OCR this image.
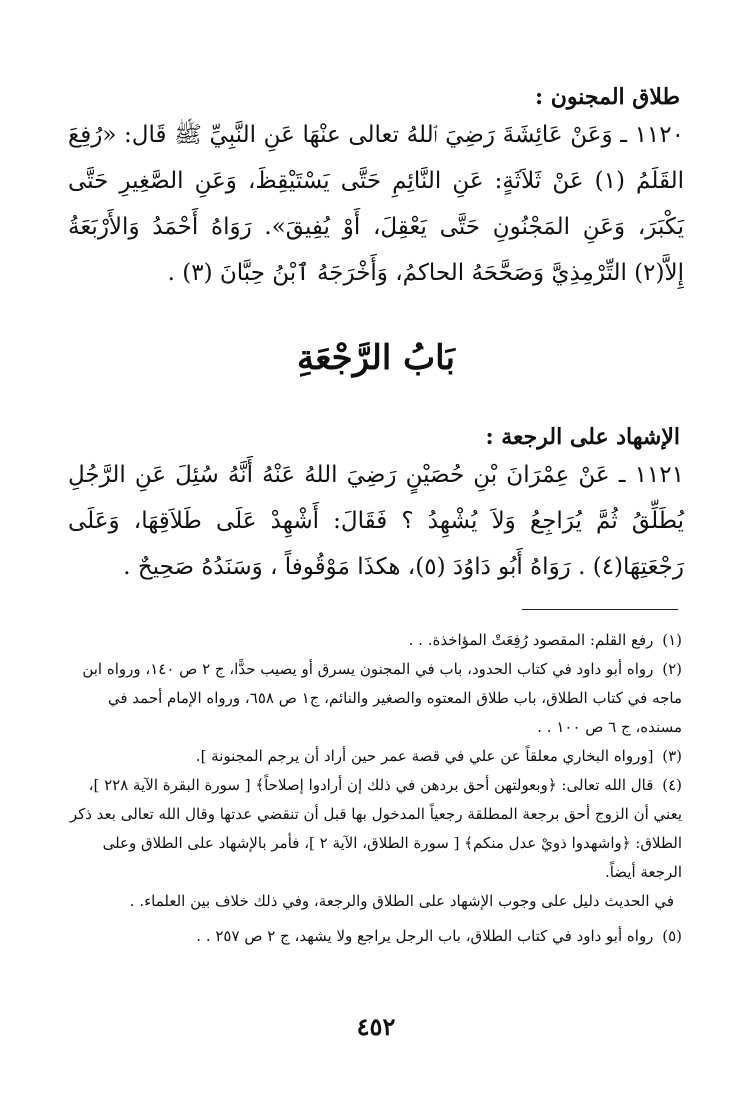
طلاق المجنون :

١١٢٠ ـ وَعَنْ عَائِشَةَ رَضِيَ ٱللهُ تعالى عنْهَا عَنِ النَّبِيِّ ﷺ قَال: «رُفِعَ القَلَمُ (١) عَنْ ثَلاَثَةٍ: عَنِ النَّائِمِ حَتَّى يَسْتَيْقِظَ، وَعَنِ الصَّغِيرِ حَتَّى يَكْبَرَ، وَعَنِ المَجْنُونِ حَتَّى يَعْقِلَ، أَوْ يُفِيقَ». رَوَاهُ أَحْمَدُ وَالأَرْبَعَةُ إِلاَّ(٢) التِّرْمِذِيَّ وَصَحَّحَهُ الحاكمُ، وَأَخْرَجَهُ ٱبْنُ حِبَّانَ (٣) .

بَابُ الرَّجْعَةِ
الإشهاد على الرجعة :

١١٢١ ـ عَنْ عِمْرَانَ بْنِ حُصَيْنٍ رَضِيَ اللهُ عَنْهُ أَنَّهُ سُئِلَ عَنِ الرَّجُلِ يُطَلِّقُ ثُمَّ يُرَاجِعُ وَلاَ يُشْهِدُ ؟ فَقَالَ: أَشْهِدْ عَلَى طَلاَقِهَا، وَعَلَى رَجْعَتِهَا(٤) . رَوَاهُ أَبُو دَاوُدَ (٥)، هكذَا مَوْقُوفاً ، وَسَنَدُهُ صَحِيحٌ .

(١) رفع القلم: المقصود رُفِعَتْ المؤاخذة. . .

(٢) رواه أبو داود في كتاب الحدود، باب في المجنون يسرق أو يصيب حدًّا، ج ٢ ص ١٤٠، ورواه ابن ماجه في كتاب الطلاق، باب طلاق المعتوه والصغير والنائم، ج١ ص ٦٥٨، ورواه الإمام أحمد في مسنده، ج ٦ ص ١٠٠ . .

(٣) [ورواه البخاري معلقاً عن علي في قصة عمر حين أراد أن يرجم المجنونة ].

(٤) قال الله تعالى: ﴿وبعولتهن أحق بردهن في ذلك إن أرادوا إصلاحاً﴾ [ سورة البقرة الآية ٢٢٨ ]، يعني أن الزوج أحق برجعة المطلقة رجعياً المدخول بها قبل أن تنقضي عدتها وقال الله تعالى بعد ذكر الطلاق: ﴿واشهدوا ذويْ عدل منكم﴾ [ سورة الطلاق، الآية ٢ ]، فأمر بالإشهاد على الطلاق وعلى الرجعة أيضاً.

في الحديث دليل على وجوب الإشهاد على الطلاق والرجعة، وفي ذلك خلاف بين العلماء. .

(٥) رواه أبو داود في كتاب الطلاق، باب الرجل يراجع ولا يشهد، ج ٢ ص ٢٥٧ . .

٤٥٢
